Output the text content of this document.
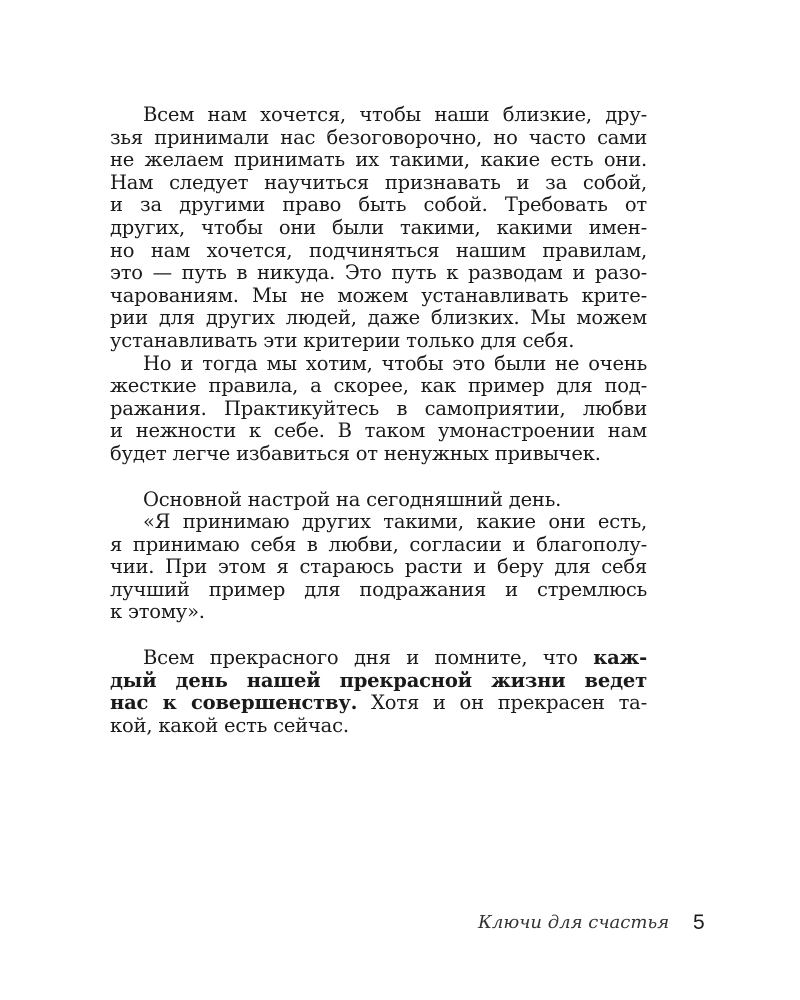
Всем нам хочется, чтобы наши близкие, дру-
зья принимали нас безоговорочно, но часто сами
не желаем принимать их такими, какие есть они.
Нам следует научиться признавать и за собой,
и за другими право быть собой. Требовать от
других, чтобы они были такими, какими имен-
но нам хочется, подчиняться нашим правилам,
это — путь в никуда. Это путь к разводам и разо-
чарованиям. Мы не можем устанавливать крите-
рии для других людей, даже близких. Мы можем
устанавливать эти критерии только для себя.
Но и тогда мы хотим, чтобы это были не очень
жесткие правила, а скорее, как пример для под-
ражания. Практикуйтесь в самоприятии, любви
и нежности к себе. В таком умонастроении нам
будет легче избавиться от ненужных привычек.
Основной настрой на сегодняшний день.
«Я принимаю других такими, какие они есть,
я принимаю себя в любви, согласии и благополу-
чии. При этом я стараюсь расти и беру для себя
лучший пример для подражания и стремлюсь
к этому».
Всем прекрасного дня и помните, что каж-
дый день нашей прекрасной жизни ведет
нас к совершенству. Хотя и он прекрасен та-
кой, какой есть сейчас.
Ключи для счастья 5
